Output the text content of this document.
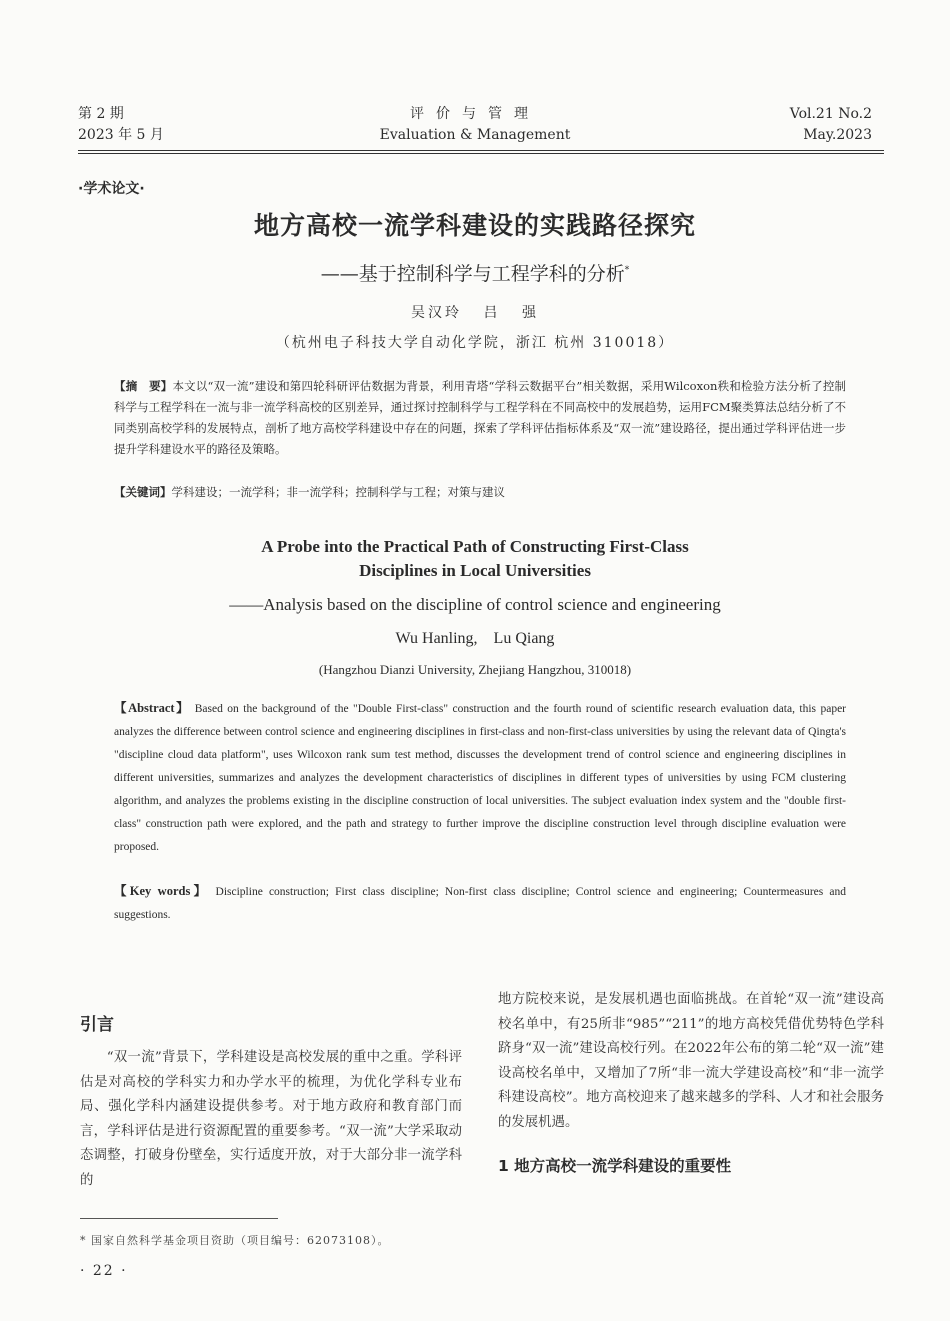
第 2 期
2023 年 5 月
评价与管理
Evaluation & Management
Vol.21 No.2
May.2023
·学术论文·
地方高校一流学科建设的实践路径探究
——基于控制科学与工程学科的分析*
吴汉玲 吕 强
（杭州电子科技大学自动化学院，浙江 杭州 310018）
【摘　要】本文以“双一流”建设和第四轮科研评估数据为背景，利用青塔“学科云数据平台”相关数据，采用Wilcoxon秩和检验方法分析了控制科学与工程学科在一流与非一流学科高校的区别差异，通过探讨控制科学与工程学科在不同高校中的发展趋势，运用FCM聚类算法总结分析了不同类别高校学科的发展特点，剖析了地方高校学科建设中存在的问题，探索了学科评估指标体系及“双一流”建设路径，提出通过学科评估进一步提升学科建设水平的路径及策略。
【关键词】学科建设；一流学科；非一流学科；控制科学与工程；对策与建议
A Probe into the Practical Path of Constructing First-Class
Disciplines in Local Universities
——Analysis based on the discipline of control science and engineering
Wu Hanling,　Lu Qiang
(Hangzhou Dianzi University, Zhejiang Hangzhou, 310018)
【Abstract】 Based on the background of the "Double First-class" construction and the fourth round of scientific research evaluation data, this paper analyzes the difference between control science and engineering disciplines in first-class and non-first-class universities by using the relevant data of Qingta's "discipline cloud data platform", uses Wilcoxon rank sum test method, discusses the development trend of control science and engineering disciplines in different universities, summarizes and analyzes the development characteristics of disciplines in different types of universities by using FCM clustering algorithm, and analyzes the problems existing in the discipline construction of local universities. The subject evaluation index system and the "double first-class" construction path were explored, and the path and strategy to further improve the discipline construction level through discipline evaluation were proposed.
【Key words】 Discipline construction; First class discipline; Non-first class discipline; Control science and engineering; Countermeasures and suggestions.
引言

“双一流”背景下，学科建设是高校发展的重中之重。学科评估是对高校的学科实力和办学水平的梳理，为优化学科专业布局、强化学科内涵建设提供参考。对于地方政府和教育部门而言，学科评估是进行资源配置的重要参考。“双一流”大学采取动态调整，打破身份壁垒，实行适度开放，对于大部分非一流学科的

地方院校来说，是发展机遇也面临挑战。在首轮“双一流”建设高校名单中，有25所非“985”“211”的地方高校凭借优势特色学科跻身“双一流”建设高校行列。在2022年公布的第二轮“双一流”建设高校名单中，又增加了7所“非一流大学建设高校”和“非一流学科建设高校”。地方高校迎来了越来越多的学科、人才和社会服务的发展机遇。

1 地方高校一流学科建设的重要性
* 国家自然科学基金项目资助（项目编号：62073108）。
· 22 ·
